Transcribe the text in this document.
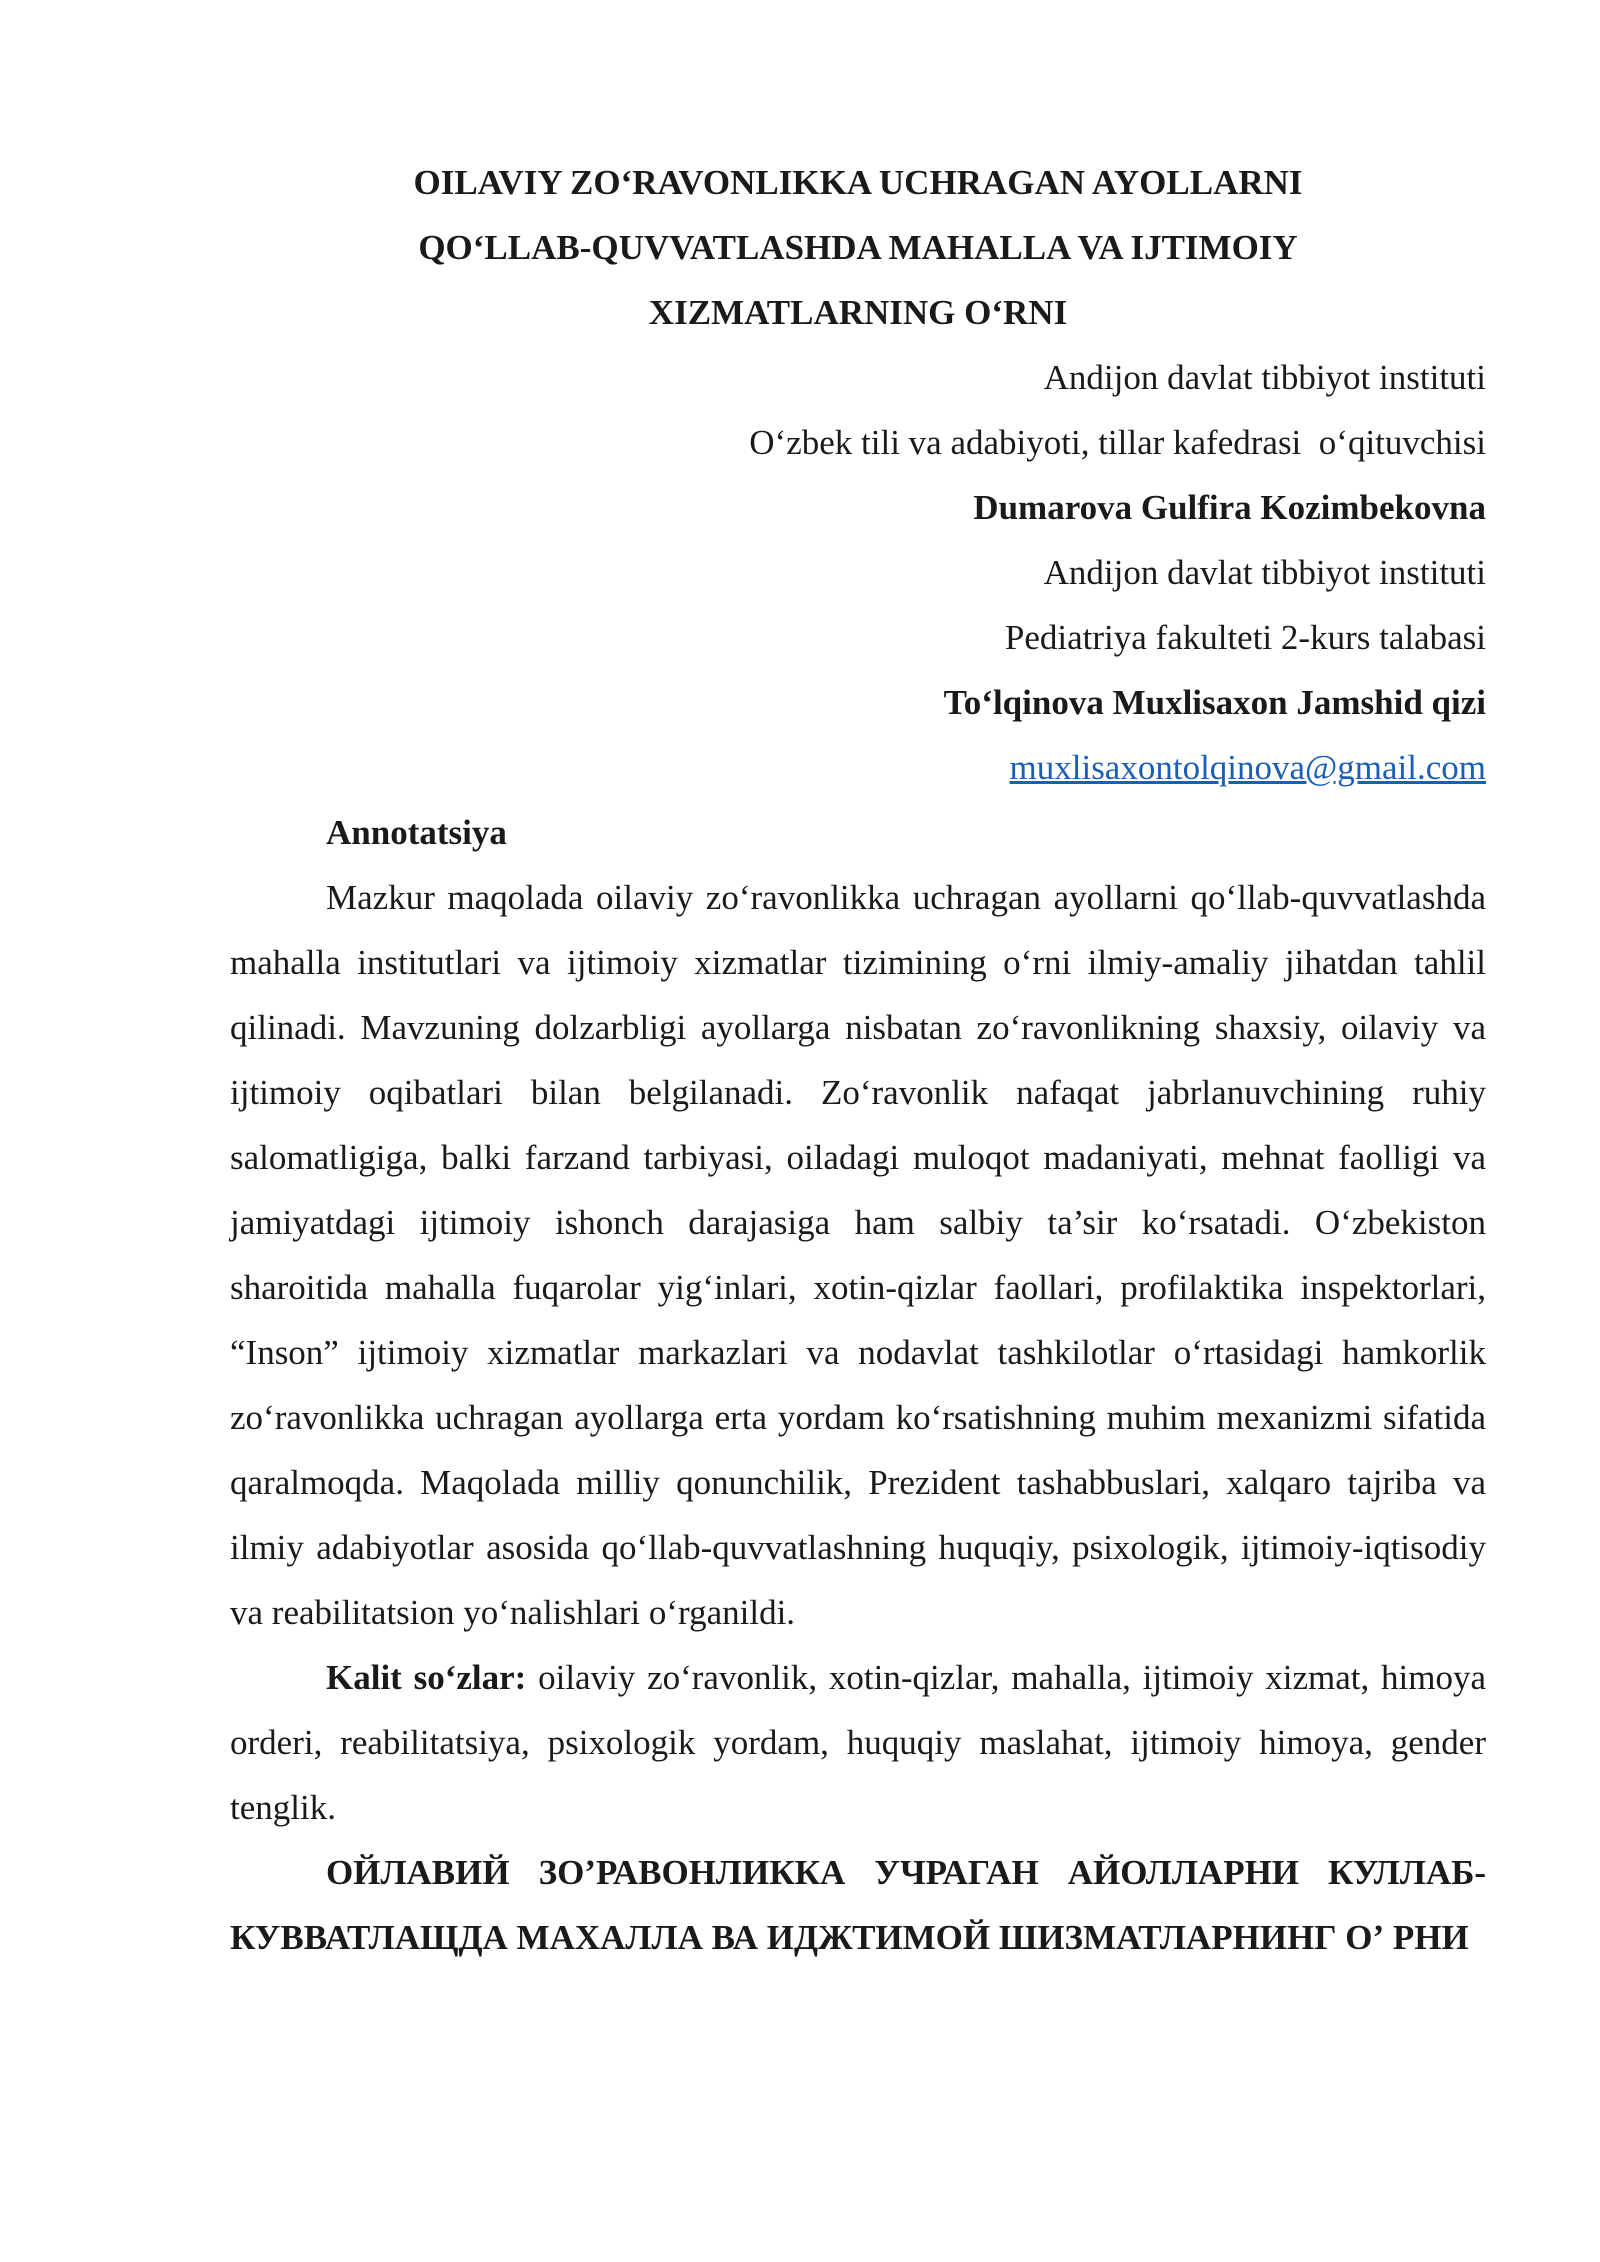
OILAVIY ZO‘RAVONLIKKA UCHRAGAN AYOLLARNI
QO‘LLAB-QUVVATLASHDA MAHALLA VA IJTIMOIY
XIZMATLARNING O‘RNI
Andijon davlat tibbiyot instituti
O‘zbek tili va adabiyoti, tillar kafedrasi  o‘qituvchisi
Dumarova Gulfira Kozimbekovna
Andijon davlat tibbiyot instituti
Pediatriya fakulteti 2-kurs talabasi
To‘lqinova Muxlisaxon Jamshid qizi
muxlisaxontolqinova@gmail.com

Annotatsiya

Mazkur maqolada oilaviy zo‘ravonlikka uchragan ayollarni qo‘llab-quvvatlashda mahalla institutlari va ijtimoiy xizmatlar tizimining o‘rni ilmiy-amaliy jihatdan tahlil qilinadi. Mavzuning dolzarbligi ayollarga nisbatan zo‘ravonlikning shaxsiy, oilaviy va ijtimoiy oqibatlari bilan belgilanadi. Zo‘ravonlik nafaqat jabrlanuvchining ruhiy salomatligiga, balki farzand tarbiyasi, oiladagi muloqot madaniyati, mehnat faolligi va jamiyatdagi ijtimoiy ishonch darajasiga ham salbiy ta’sir ko‘rsatadi. O‘zbekiston sharoitida mahalla fuqarolar yig‘inlari, xotin-qizlar faollari, profilaktika inspektorlari, “Inson” ijtimoiy xizmatlar markazlari va nodavlat tashkilotlar o‘rtasidagi hamkorlik zo‘ravonlikka uchragan ayollarga erta yordam ko‘rsatishning muhim mexanizmi sifatida qaralmoqda. Maqolada milliy qonunchilik, Prezident tashabbuslari, xalqaro tajriba va ilmiy adabiyotlar asosida qo‘llab-quvvatlashning huquqiy, psixologik, ijtimoiy-iqtisodiy va reabilitatsion yo‘nalishlari o‘rganildi.

Kalit so‘zlar: oilaviy zo‘ravonlik, xotin-qizlar, mahalla, ijtimoiy xizmat, himoya orderi, reabilitatsiya, psixologik yordam, huquqiy maslahat, ijtimoiy himoya, gender tenglik.

ОЙЛАВИЙ ЗОʼРАВОНЛИККА УЧРАГАН АЙОЛЛАРНИ КУЛЛАБ-КУВВАТЛАЩДА МАХАЛЛА ВА ИДЖТИМОЙ ШИЗМАТЛАРНИНГ Оʼ РНИ
